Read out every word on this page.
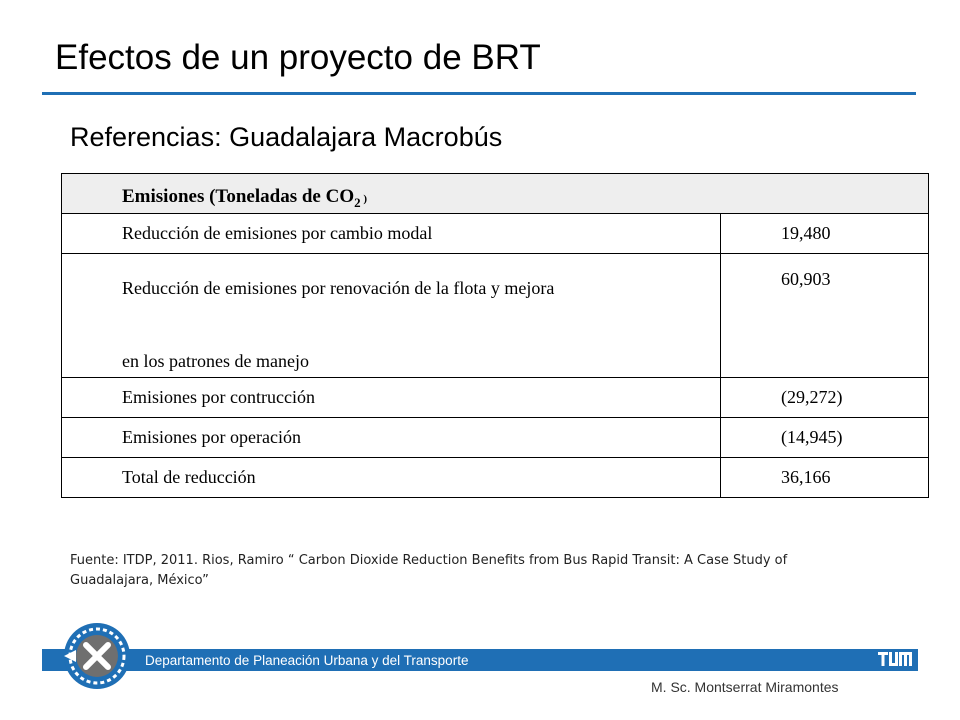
Efectos de un proyecto de BRT
Referencias: Guadalajara Macrobús
Emisiones (Toneladas de $CO_2$ )	

Reducción de emisiones por cambio modal	19,480

Reducción de emisiones por renovación de la flota y mejora

en los patrones de manejo	60,903

Emisiones por contrucción	(29,272)

Emisiones por operación	(14,945)

Total de reducción	36,166
Fuente: ITDP, 2011. Rios, Ramiro “ Carbon Dioxide Reduction Benefits from Bus Rapid Transit: A Case Study of
Guadalajara, México”
Departamento de Planeación Urbana y del Transporte
M. Sc. Montserrat Miramontes
